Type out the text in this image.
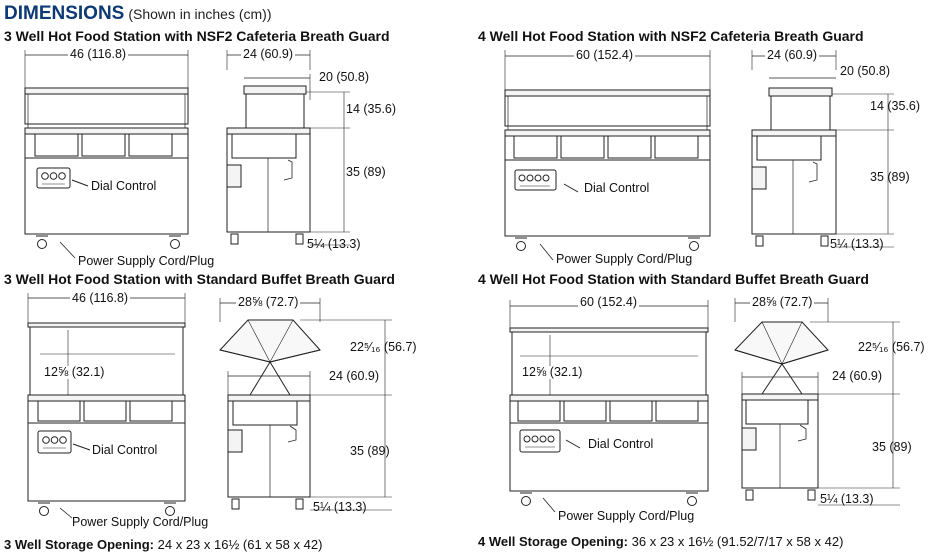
DIMENSIONS (Shown in inches (cm))
3 Well Hot Food Station with NSF2 Cafeteria Breath Guard	4 Well Hot Food Station with NSF2 Cafeteria Breath Guard
3 Well Hot Food Station with Standard Buffet Breath Guard	4 Well Hot Food Station with Standard Buffet Breath Guard
46 (116.8)	24 (60.9)
20 (50.8)
14 (35.6)
35 (89)
5¼ (13.3)
Dial Control
Power Supply Cord/Plug
60 (152.4)	24 (60.9)
20 (50.8)
14 (35.6)
35 (89)
5¼ (13.3)
Dial Control
Power Supply Cord/Plug
46 (116.8)	28⅝ (72.7)
22⁵⁄₁₆ (56.7)
12⅝ (32.1)	24 (60.9)
35 (89)
5¼ (13.3)
Dial Control
Power Supply Cord/Plug
3 Well Storage Opening: 24 x 23 x 16½ (61 x 58 x 42)
60 (152.4)	28⅝ (72.7)
22⁵⁄₁₆ (56.7)
12⅝ (32.1)	24 (60.9)
35 (89)
5¼ (13.3)
Dial Control
Power Supply Cord/Plug
4 Well Storage Opening: 36 x 23 x 16½ (91.52/7/17 x 58 x 42)
